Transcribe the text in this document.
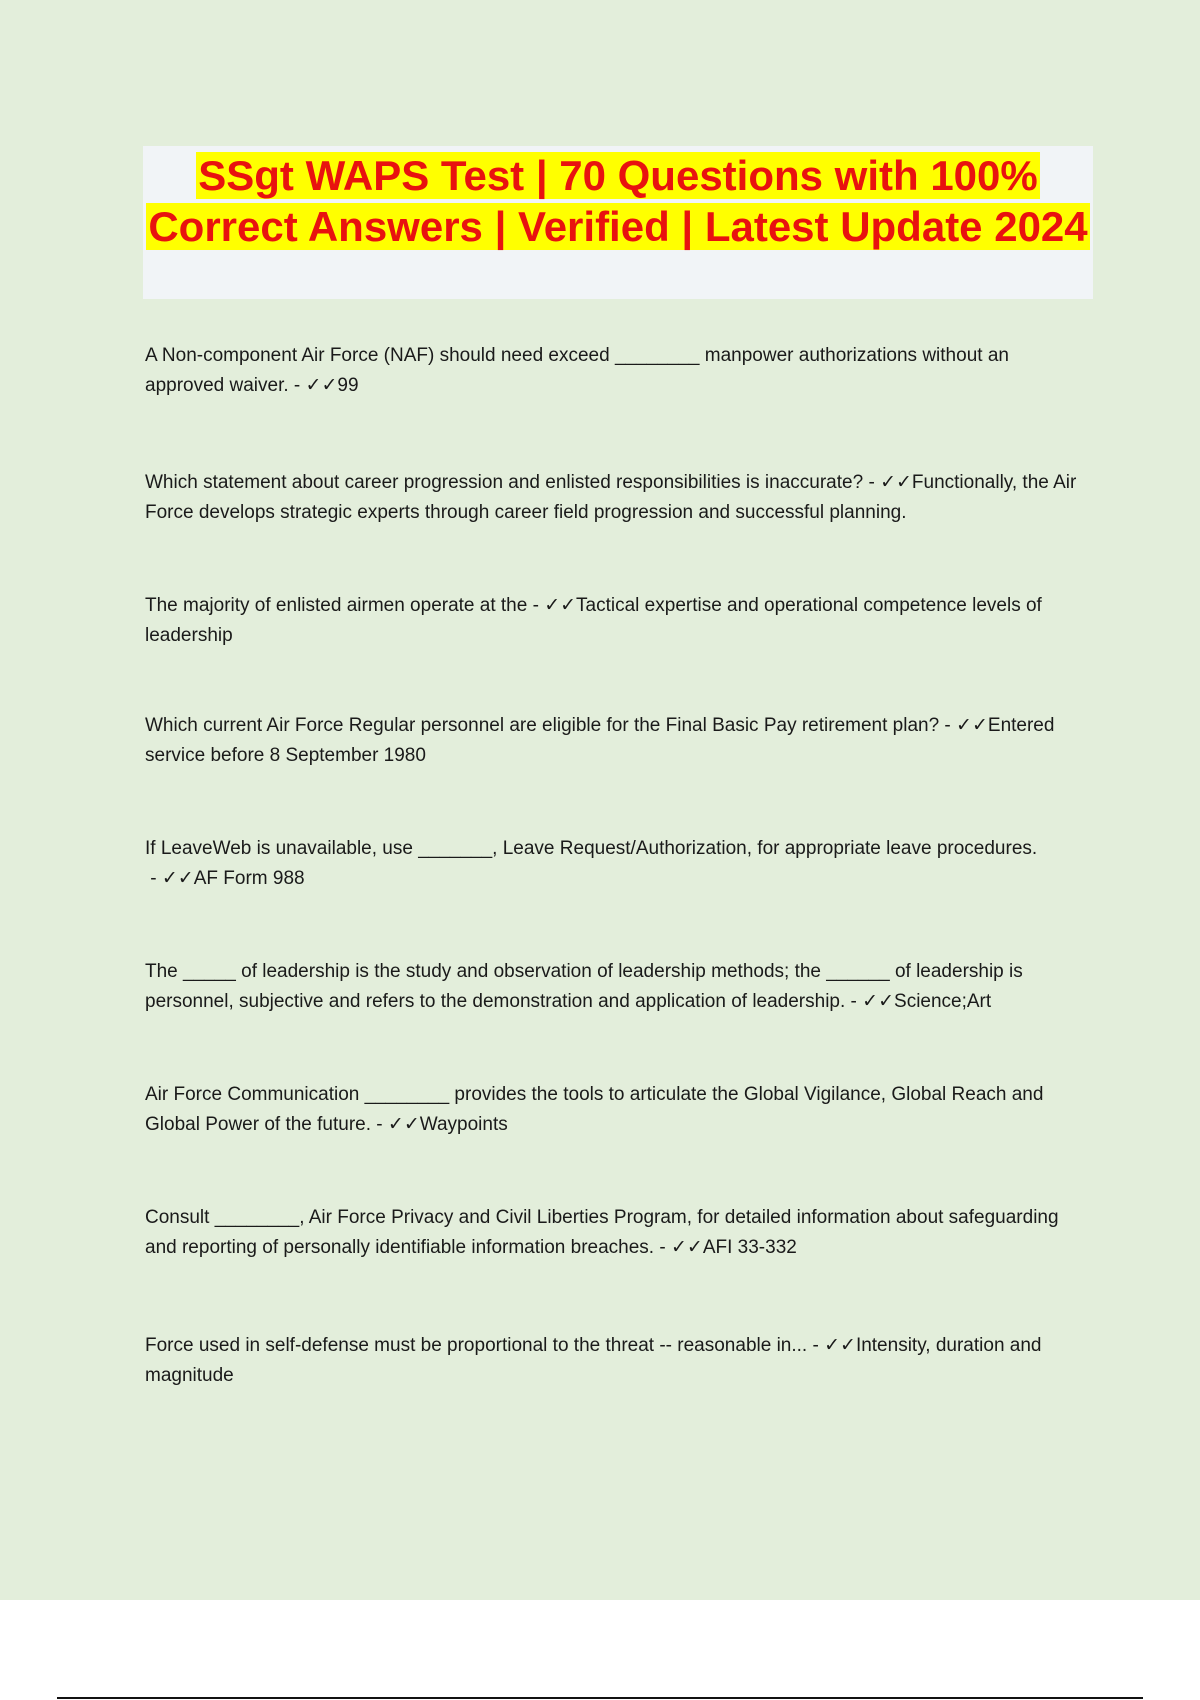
SSgt WAPS Test | 70 Questions with 100% Correct Answers | Verified | Latest Update 2024

A Non-component Air Force (NAF) should need exceed ________ manpower authorizations without an approved waiver. - ✓✓99

Which statement about career progression and enlisted responsibilities is inaccurate? - ✓✓Functionally, the Air Force develops strategic experts through career field progression and successful planning.

The majority of enlisted airmen operate at the - ✓✓Tactical expertise and operational competence levels of leadership

Which current Air Force Regular personnel are eligible for the Final Basic Pay retirement plan? - ✓✓Entered service before 8 September 1980

If LeaveWeb is unavailable, use _______, Leave Request/Authorization, for appropriate leave procedures. - ✓✓AF Form 988

The _____ of leadership is the study and observation of leadership methods; the ______ of leadership is personnel, subjective and refers to the demonstration and application of leadership. - ✓✓Science;Art

Air Force Communication ________ provides the tools to articulate the Global Vigilance, Global Reach and Global Power of the future. - ✓✓Waypoints

Consult ________, Air Force Privacy and Civil Liberties Program, for detailed information about safeguarding and reporting of personally identifiable information breaches. - ✓✓AFI 33-332

Force used in self-defense must be proportional to the threat -- reasonable in... - ✓✓Intensity, duration and magnitude
